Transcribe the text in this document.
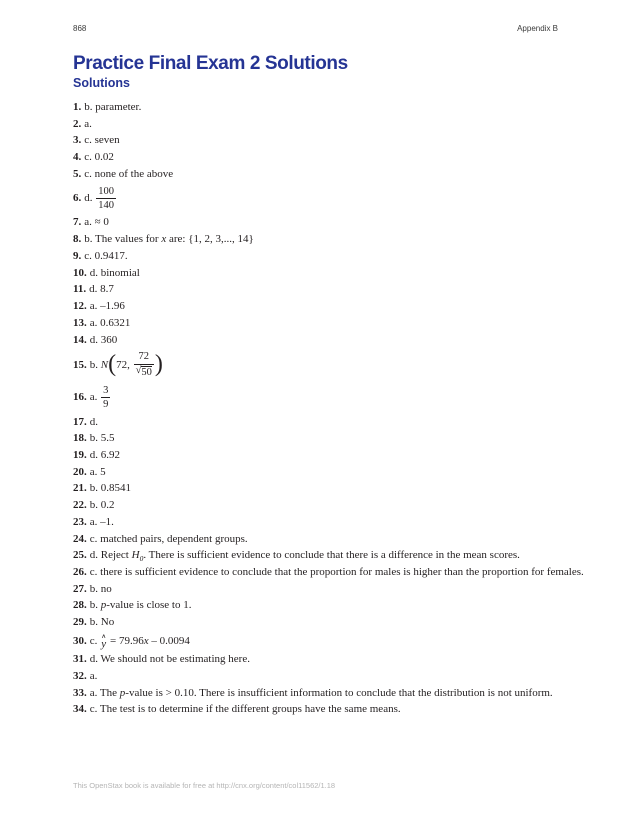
868	Appendix B
Practice Final Exam 2 Solutions
Solutions
1. b. parameter.
2. a.
3. c. seven
4. c. 0.02
5. c. none of the above
6. d. $\frac{100}{140}$
7. a. ≈ 0
8. b. The values for x are: {1, 2, 3,..., 14}
9. c. 0.9417.
10. d. binomial
11. d. 8.7
12. a. –1.96
13. a. 0.6321
14. d. 360
15. b. N(72, $\frac{72}{√ 50}$ )
16. a. $\frac{3}{9}$
17. d.
18. b. 5.5
19. d. 6.92
20. a. 5
21. b. 0.8541
22. b. 0.2
23. a. –1.
24. c. matched pairs, dependent groups.
25. d. Reject $H_0$. There is sufficient evidence to conclude that there is a difference in the mean scores.
26. c. there is sufficient evidence to conclude that the proportion for males is higher than the proportion for females.
27. b. no
28. b. p-value is close to 1.
29. b. No
30. c. ∧
y = 79.96x – 0.0094
31. d. We should not be estimating here.
32. a.
33. a. The p-value is > 0.10. There is insufficient information to conclude that the distribution is not uniform.
34. c. The test is to determine if the different groups have the same means.
This OpenStax book is available for free at http://cnx.org/content/col11562/1.18
